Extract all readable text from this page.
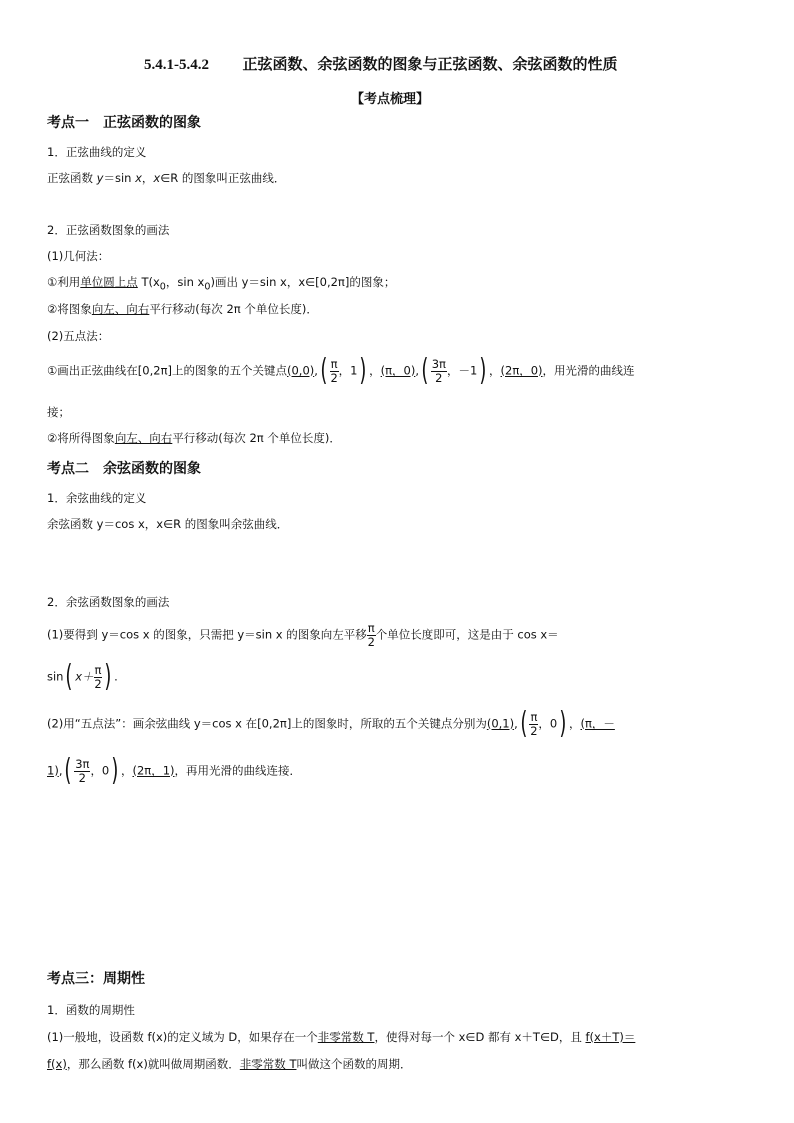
5.4.1-5.4.2 正弦函数、余弦函数的图象与正弦函数、余弦函数的性质
【考点梳理】
考点一　正弦函数的图象
1．正弦曲线的定义
正弦函数 y＝sin x，x∈R 的图象叫正弦曲线．
2．正弦函数图象的画法
(1)几何法：
①利用单位圆上点 $T(x_0$，$\sin x_0$)画出 y＝sin x，x∈[0,2π]的图象；
②将图象向左、向右平行移动(每次 2π 个单位长度)．
(2)五点法：
①画出正弦曲线在[0,2π]上的图象的五个关键点$(0,0),( \frac{\pi}{2}$ ，1) ，(π，$0),( \frac{3\pi}{2}$ ，－1) ，(2π，0)，用光滑的曲线连
接；
②将所得图象向左、向右平行移动(每次 2π 个单位长度)．
考点二　余弦函数的图象
1．余弦曲线的定义
余弦函数 y＝cos x，x∈R 的图象叫余弦曲线．
2．余弦函数图象的画法
(1)要得到 y＝cos x 的图象，只需把 y＝sin x 的图象向左平移 $\frac{\pi}{2}$ 个单位长度即可，这是由于 cos x＝
sin( $x+ \frac{\pi}{2}$ ) .
(2)用“五点法”：画余弦曲线 y＝cos x 在[0,2π]上的图象时，所取的五个关键点分别为$(0,1),( \frac{\pi}{2}$ ，0) ，(π，－
$1),( \frac{3\pi}{2}$ ，0) ，(2π，1)，再用光滑的曲线连接．
考点三：周期性
1．函数的周期性
(1)一般地，设函数 f(x)的定义域为 D，如果存在一个非零常数 T，使得对每一个 x∈D 都有 x＋T∈D，且 f(x＋T)＝
f(x)，那么函数 f(x)就叫做周期函数．非零常数 T叫做这个函数的周期．
